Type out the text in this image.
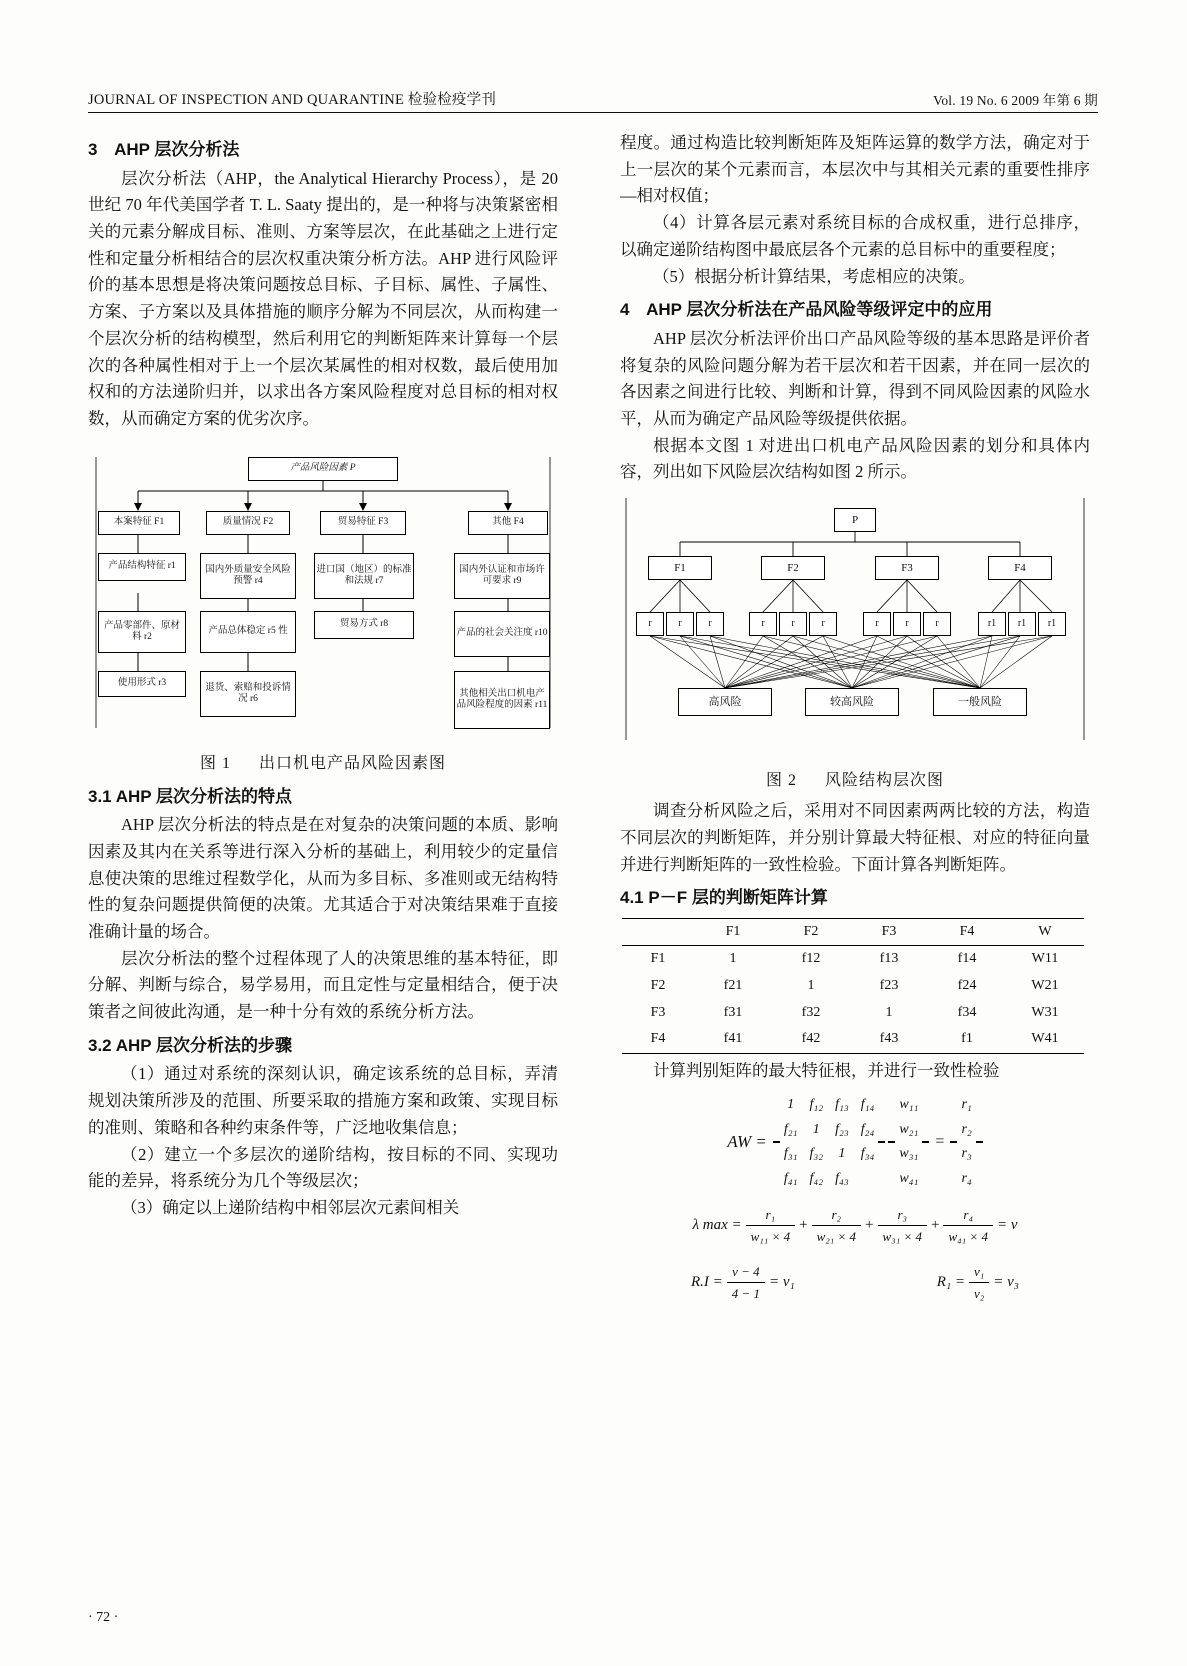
JOURNAL OF INSPECTION AND QUARANTINE 检验检疫学刊	Vol. 19 No. 6 2009 年第 6 期
3 AHP 层次分析法

层次分析法（AHP，the Analytical Hierarchy Process），是 20 世纪 70 年代美国学者 T. L. Saaty 提出的，是一种将与决策紧密相关的元素分解成目标、准则、方案等层次，在此基础之上进行定性和定量分析相结合的层次权重决策分析方法。AHP 进行风险评价的基本思想是将决策问题按总目标、子目标、属性、子属性、方案、子方案以及具体措施的顺序分解为不同层次，从而构建一个层次分析的结构模型，然后利用它的判断矩阵来计算每一个层次的各种属性相对于上一个层次某属性的相对权数，最后使用加权和的方法递阶归并，以求出各方案风险程度对总目标的相对权数，从而确定方案的优劣次序。

产品风险因素 P
本案特征 F1	质量情况 F2	贸易特征 F3	其他 F4
产品结构特征 r1
产品零部件、原材料 r2
使用形式 r3
国内外质量安全风险预警 r4
产品总体稳定 r5 性
退货、索赔和投诉情况 r6
进口国（地区）的标准和法规 r7
贸易方式 r8
国内外认证和市场许可要求 r9
产品的社会关注度 r10
其他相关出口机电产品风险程度的因素 r11
图 1 出口机电产品风险因素图
3.1 AHP 层次分析法的特点

AHP 层次分析法的特点是在对复杂的决策问题的本质、影响因素及其内在关系等进行深入分析的基础上，利用较少的定量信息使决策的思维过程数学化，从而为多目标、多准则或无结构特性的复杂问题提供简便的决策。尤其适合于对决策结果难于直接准确计量的场合。

层次分析法的整个过程体现了人的决策思维的基本特征，即分解、判断与综合，易学易用，而且定性与定量相结合，便于决策者之间彼此沟通，是一种十分有效的系统分析方法。

3.2 AHP 层次分析法的步骤

（1）通过对系统的深刻认识，确定该系统的总目标，弄清规划决策所涉及的范围、所要采取的措施方案和政策、实现目标的准则、策略和各种约束条件等，广泛地收集信息；

（2）建立一个多层次的递阶结构，按目标的不同、实现功能的差异，将系统分为几个等级层次；

（3）确定以上递阶结构中相邻层次元素间相关

程度。通过构造比较判断矩阵及矩阵运算的数学方法，确定对于上一层次的某个元素而言，本层次中与其相关元素的重要性排序—相对权值；

（4）计算各层元素对系统目标的合成权重，进行总排序，以确定递阶结构图中最底层各个元素的总目标中的重要程度；

（5）根据分析计算结果，考虑相应的决策。

4 AHP 层次分析法在产品风险等级评定中的应用

AHP 层次分析法评价出口产品风险等级的基本思路是评价者将复杂的风险问题分解为若干层次和若干因素，并在同一层次的各因素之间进行比较、判断和计算，得到不同风险因素的风险水平，从而为确定产品风险等级提供依据。

根据本文图 1 对进出口机电产品风险因素的划分和具体内容，列出如下风险层次结构如图 2 所示。

P
F1	F2	F3	F4
r	r	r	r	r	r	r	r	r	r1	r1	r1
高风险	较高风险	一般风险
图 2 风险结构层次图

调查分析风险之后，采用对不同因素两两比较的方法，构造不同层次的判断矩阵，并分别计算最大特征根、对应的特征向量并进行判断矩阵的一致性检验。下面计算各判断矩阵。

4.1 P－F 层的判断矩阵计算
	F1	F2	F3	F4	W
F1	1	f12	f13	f14	W11
F2	f21	1	f23	f24	W21
F3	f31	f32	1	f34	W31
F4	f41	f42	f43	f1	W41

计算判别矩阵的最大特征根，并进行一致性检验

AW =
1 f₁₂ f₁₃ f₁₄
f₂₁ 1 f₂₃ f₂₄
f₃₁ f₃₂ 1 f₃₄
f₄₁ f₄₂ f₄₃
w₁₁
w₂₁
w₃₁
w₄₁
=
r₁
r₂
r₃
r₄
λ $\max = \frac{\text{r₁}}{\text{w₁₁ × 4}} + \frac{\text{r₂}}{\text{w₂₁ × 4}} + \frac{\text{r₃}}{\text{w₃₁ × 4}} + \frac{\text{r₄}}{\text{w₄₁ × 4}} = v$
$R.I = \frac{v - 4}{4 - 1} = v_1$	$R_1 = \frac{\text{v₁}}{\text{v₂}} = v_3$
· 72 ·
